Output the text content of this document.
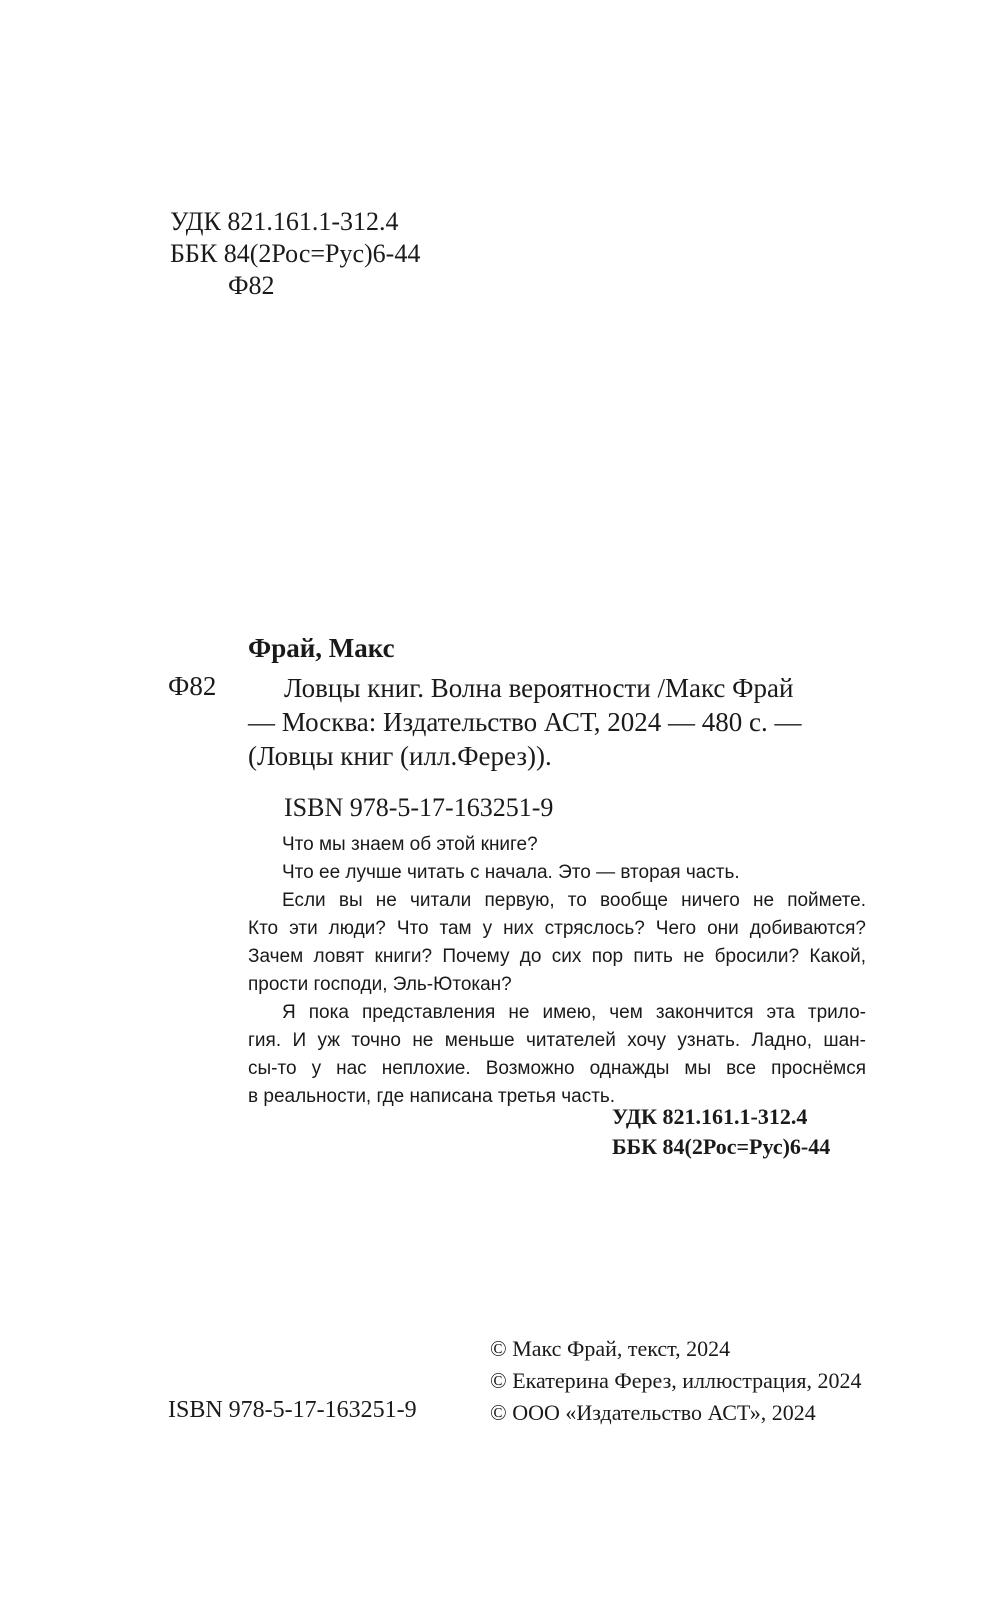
УДК 821.161.1-312.4
ББК 84(2Рос=Рус)6-44
Ф82
Фрай, Макс
Ф82	Ловцы книг. Волна вероятности /Макс Фрай
— Москва: Издательство АСТ, 2024 — 480 с. —
(Ловцы книг (илл.Ферез)).
ISBN 978-5-17-163251-9
Что мы знаем об этой книге?
Что ее лучше читать с начала. Это — вторая часть.
Если вы не читали первую, то вообще ничего не поймете.
Кто эти люди? Что там у них стряслось? Чего они добиваются?
Зачем ловят книги? Почему до сих пор пить не бросили? Какой,
прости господи, Эль-Ютокан?
Я пока представления не имею, чем закончится эта трило-
гия. И уж точно не меньше читателей хочу узнать. Ладно, шан-
сы-то у нас неплохие. Возможно однажды мы все проснёмся
в реальности, где написана третья часть.
УДК 821.161.1-312.4
ББК 84(2Рос=Рус)6-44
© Макс Фрай, текст, 2024
© Екатерина Ферез, иллюстрация, 2024
© ООО «Издательство АСТ», 2024
ISBN 978-5-17-163251-9
